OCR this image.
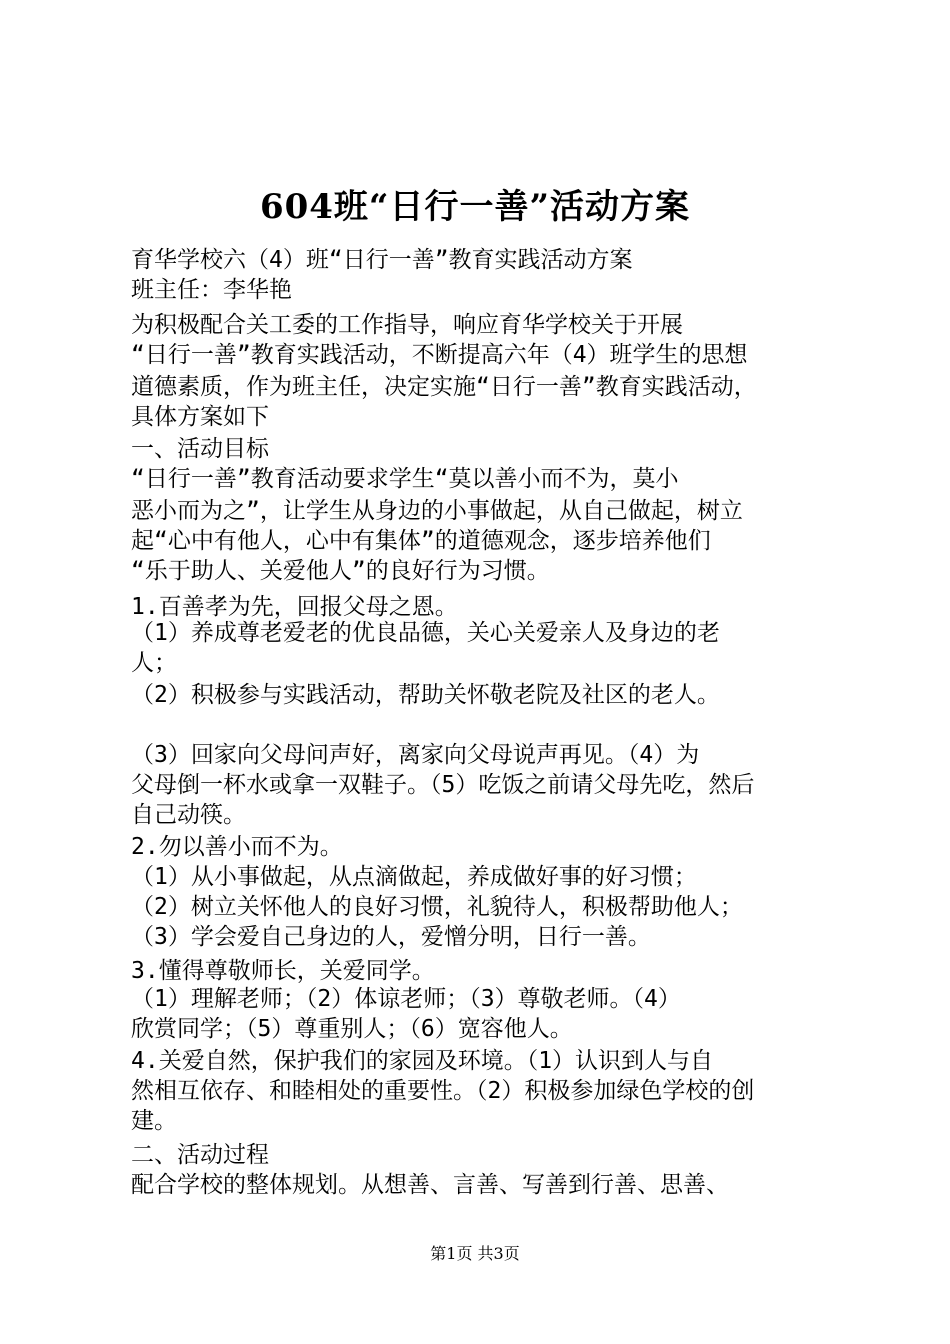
604班“日行一善”活动方案
育华学校六（4）班“日行一善”教育实践活动方案
班主任：李华艳
为积极配合关工委的工作指导，响应育华学校关于开展
“日行一善”教育实践活动，不断提高六年（4）班学生的思想
道德素质，作为班主任，决定实施“日行一善”教育实践活动，
具体方案如下
一、活动目标
“日行一善”教育活动要求学生“莫以善小而不为，莫小
恶小而为之”，让学生从身边的小事做起，从自己做起，树立
起“心中有他人，心中有集体”的道德观念，逐步培养他们
“乐于助人、关爱他人”的良好行为习惯。
1.百善孝为先，回报父母之恩。
（1）养成尊老爱老的优良品德，关心关爱亲人及身边的老
人；
（2）积极参与实践活动，帮助关怀敬老院及社区的老人。
（3）回家向父母问声好，离家向父母说声再见。（4）为
父母倒一杯水或拿一双鞋子。（5）吃饭之前请父母先吃，然后
自己动筷。
2.勿以善小而不为。
（1）从小事做起，从点滴做起，养成做好事的好习惯；
（2）树立关怀他人的良好习惯，礼貌待人，积极帮助他人；
（3）学会爱自己身边的人，爱憎分明，日行一善。
3.懂得尊敬师长，关爱同学。
（1）理解老师；（2）体谅老师；（3）尊敬老师。（4）
欣赏同学；（5）尊重别人；（6）宽容他人。
4.关爱自然，保护我们的家园及环境。（1）认识到人与自
然相互依存、和睦相处的重要性。（2）积极参加绿色学校的创
建。
二、活动过程
配合学校的整体规划。从想善、言善、写善到行善、思善、
第1页 共3页
